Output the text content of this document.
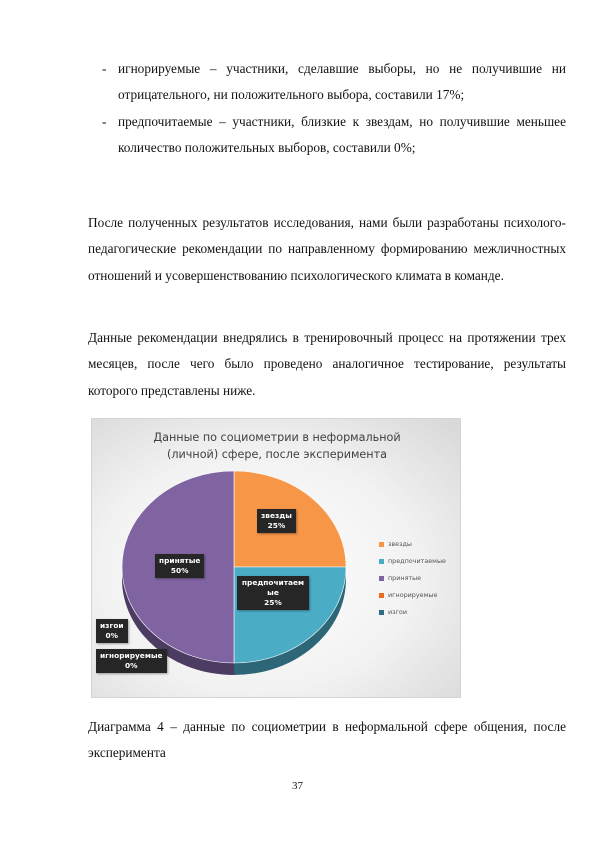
- игнорируемые – участники, сделавшие выборы, но не получившие ни отрицательного, ни положительного выбора, составили 17%;
- предпочитаемые – участники, близкие к звездам, но получившие меньшее количество положительных выборов, составили 0%;
После полученных результатов исследования, нами были разработаны психолого-педагогические рекомендации по направленному формированию межличностных отношений и усовершенствованию психологического климата в команде.
Данные рекомендации внедрялись в тренировочный процесс на протяжении трех месяцев, после чего было проведено аналогичное тестирование, результаты которого представлены ниже.
Данные по социометрии в неформальной (личной) сфере, после эксперимента
звезды
25%
предпочитаемые
25%
принятые
50%
изгои
0%
игнорируемые
0%
звезды
предпочитаемые
принятые
игнорируемые
изгои
Диаграмма 4 – данные по социометрии в неформальной сфере общения, после эксперимента
37
